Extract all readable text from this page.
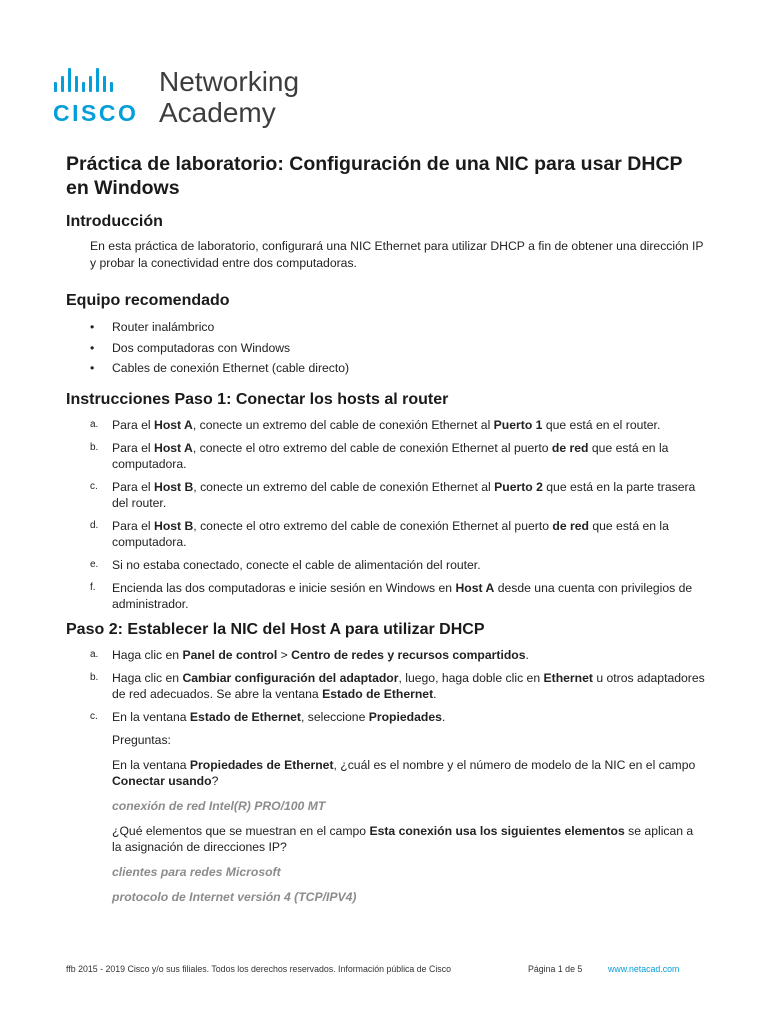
CISCO
Networking
Academy
Práctica de laboratorio: Configuración de una NIC para usar DHCP en Windows
Introducción
En esta práctica de laboratorio, configurará una NIC Ethernet para utilizar DHCP a fin de obtener una dirección IP y probar la conectividad entre dos computadoras.
Equipo recomendado
• Router inalámbrico
• Dos computadoras con Windows
• Cables de conexión Ethernet (cable directo)
Instrucciones Paso 1: Conectar los hosts al router
a. Para el Host A, conecte un extremo del cable de conexión Ethernet al Puerto 1 que está en el router.
b. Para el Host A, conecte el otro extremo del cable de conexión Ethernet al puerto de red que está en la computadora.
c. Para el Host B, conecte un extremo del cable de conexión Ethernet al Puerto 2 que está en la parte trasera del router.
d. Para el Host B, conecte el otro extremo del cable de conexión Ethernet al puerto de red que está en la computadora.
e. Si no estaba conectado, conecte el cable de alimentación del router.
f. Encienda las dos computadoras e inicie sesión en Windows en Host A desde una cuenta con privilegios de administrador.
Paso 2: Establecer la NIC del Host A para utilizar DHCP
a. Haga clic en Panel de control > Centro de redes y recursos compartidos.
b. Haga clic en Cambiar configuración del adaptador, luego, haga doble clic en Ethernet u otros adaptadores de red adecuados. Se abre la ventana Estado de Ethernet.
c. En la ventana Estado de Ethernet, seleccione Propiedades.
Preguntas:
En la ventana Propiedades de Ethernet, ¿cuál es el nombre y el número de modelo de la NIC en el campo Conectar usando?
conexión de red Intel(R) PRO/100 MT
¿Qué elementos que se muestran en el campo Esta conexión usa los siguientes elementos se aplican a la asignación de direcciones IP?
clientes para redes Microsoft
protocolo de Internet versión 4 (TCP/IPV4)
ffb 2015 - 2019 Cisco y/o sus filiales. Todos los derechos reservados. Información pública de Cisco	Página 1 de 5	www.netacad.com
